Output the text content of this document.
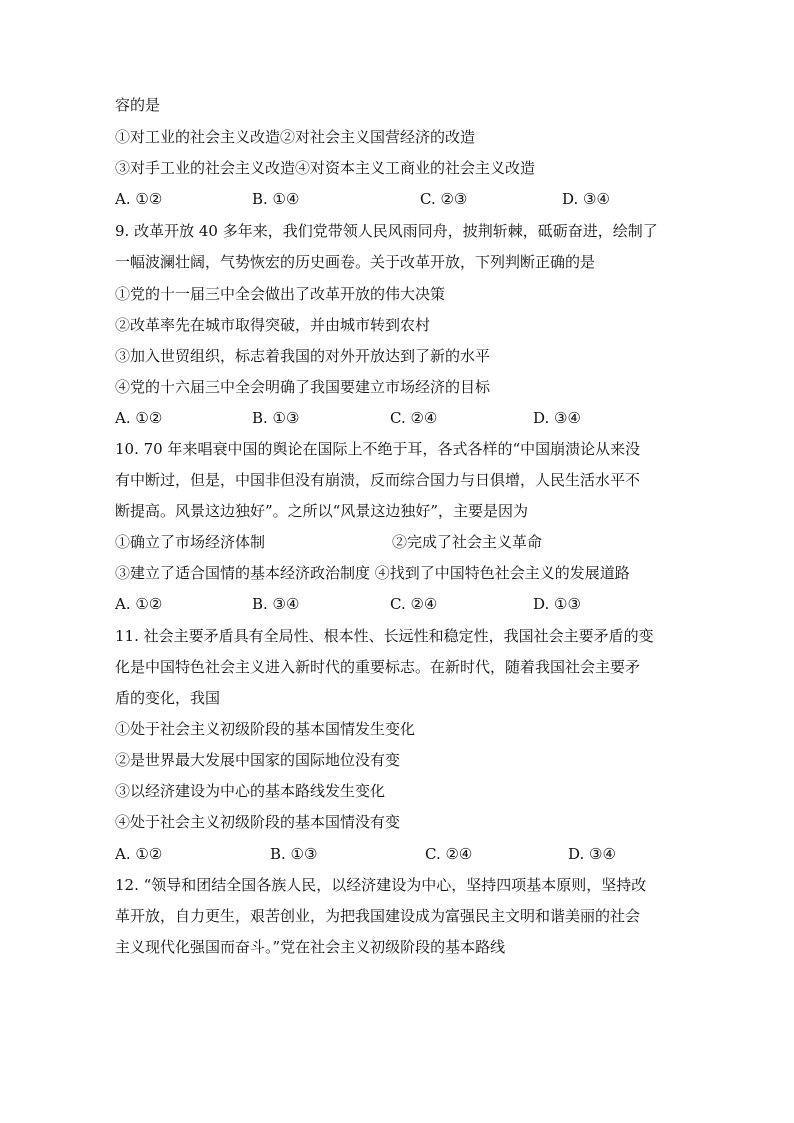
容的是
①对工业的社会主义改造②对社会主义国营经济的改造
③对手工业的社会主义改造④对资本主义工商业的社会主义改造
A. ①②	B. ①④	C. ②③	D. ③④
9. 改革开放 40 多年来，我们党带领人民风雨同舟，披荆斩棘，砥砺奋进，绘制了
一幅波澜壮阔，气势恢宏的历史画卷。关于改革开放，下列判断正确的是
①党的十一届三中全会做出了改革开放的伟大决策
②改革率先在城市取得突破，并由城市转到农村
③加入世贸组织，标志着我国的对外开放达到了新的水平
④党的十六届三中全会明确了我国要建立市场经济的目标
A. ①②	B. ①③	C. ②④	D. ③④
10. 70 年来唱衰中国的舆论在国际上不绝于耳，各式各样的“中国崩溃论从来没
有中断过，但是，中国非但没有崩溃，反而综合国力与日俱增，人民生活水平不
断提高。风景这边独好”。之所以“风景这边独好”，主要是因为
①确立了市场经济体制	②完成了社会主义革命
③建立了适合国情的基本经济政治制度 ④找到了中国特色社会主义的发展道路
A. ①②	B. ③④	C. ②④	D. ①③
11. 社会主要矛盾具有全局性、根本性、长远性和稳定性，我国社会主要矛盾的变
化是中国特色社会主义进入新时代的重要标志。在新时代，随着我国社会主要矛
盾的变化，我国
①处于社会主义初级阶段的基本国情发生变化
②是世界最大发展中国家的国际地位没有变
③以经济建设为中心的基本路线发生变化
④处于社会主义初级阶段的基本国情没有变
A. ①②	B. ①③	C. ②④	D. ③④
12. “领导和团结全国各族人民，以经济建设为中心，坚持四项基本原则，坚持改
革开放，自力更生，艰苦创业，为把我国建设成为富强民主文明和谐美丽的社会
主义现代化强国而奋斗。”党在社会主义初级阶段的基本路线
